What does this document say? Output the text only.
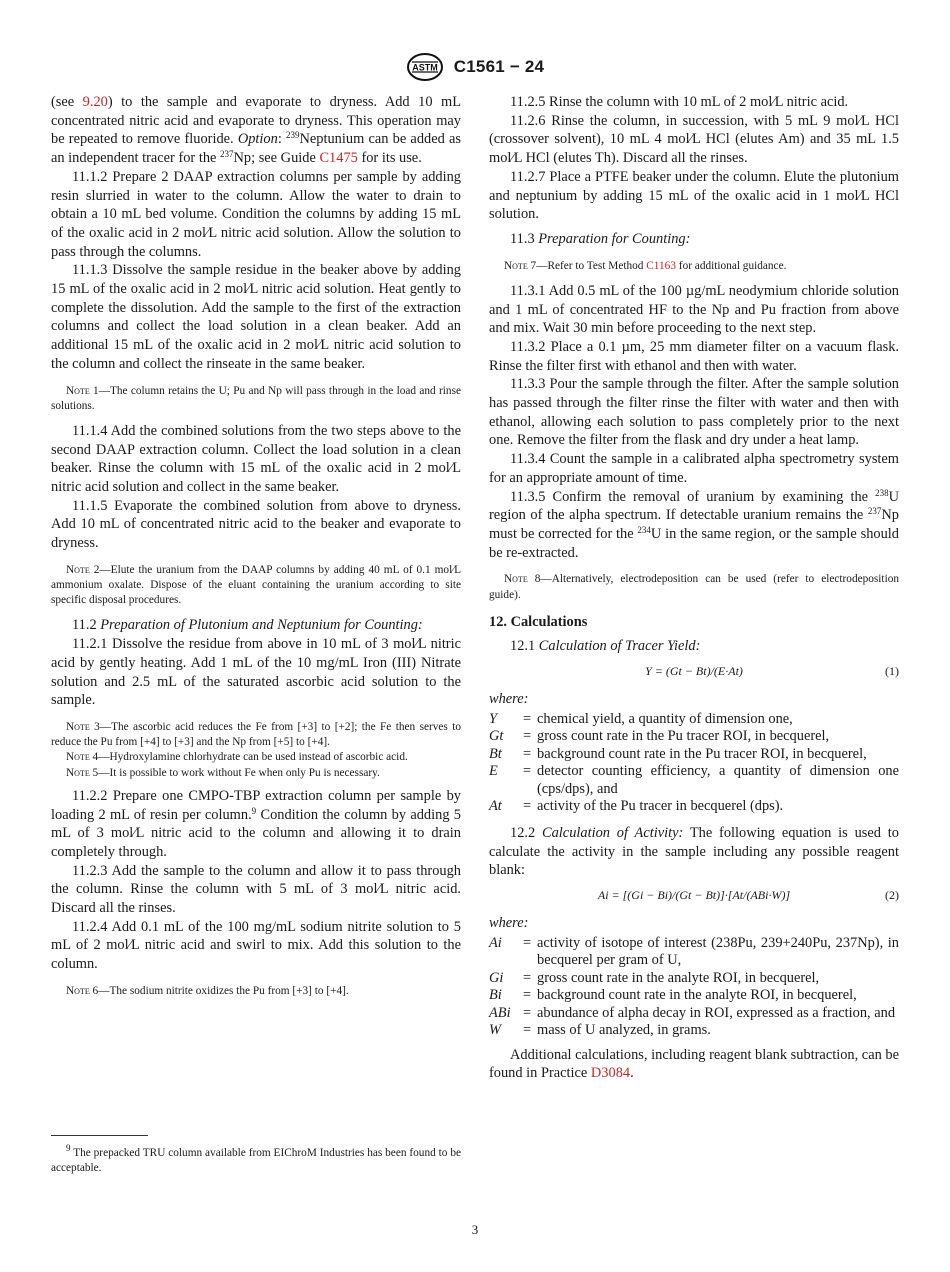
ASTM C1561 − 24

(see 9.20) to the sample and evaporate to dryness. Add 10 mL concentrated nitric acid and evaporate to dryness. This operation may be repeated to remove fluoride. Option: $^{239}$Neptunium can be added as an independent tracer for the $^{237}$Np; see Guide C1475 for its use.

11.1.2 Prepare 2 DAAP extraction columns per sample by adding resin slurried in water to the column. Allow the water to drain to obtain a 10 mL bed volume. Condition the columns by adding 15 mL of the oxalic acid in 2 mol⁄L nitric acid solution. Allow the solution to pass through the columns.

11.1.3 Dissolve the sample residue in the beaker above by adding 15 mL of the oxalic acid in 2 mol⁄L nitric acid solution. Heat gently to complete the dissolution. Add the sample to the first of the extraction columns and collect the load solution in a clean beaker. Add an additional 15 mL of the oxalic acid in 2 mol⁄L nitric acid solution to the column and collect the rinseate in the same beaker.

Note 1—The column retains the U; Pu and Np will pass through in the load and rinse solutions.

11.1.4 Add the combined solutions from the two steps above to the second DAAP extraction column. Collect the load solution in a clean beaker. Rinse the column with 15 mL of the oxalic acid in 2 mol⁄L nitric acid solution and collect in the same beaker.

11.1.5 Evaporate the combined solution from above to dryness. Add 10 mL of concentrated nitric acid to the beaker and evaporate to dryness.

Note 2—Elute the uranium from the DAAP columns by adding 40 mL of 0.1 mol⁄L ammonium oxalate. Dispose of the eluant containing the uranium according to site specific disposal procedures.

11.2 Preparation of Plutonium and Neptunium for Counting:

11.2.1 Dissolve the residue from above in 10 mL of 3 mol⁄L nitric acid by gently heating. Add 1 mL of the 10 mg/mL Iron (III) Nitrate solution and 2.5 mL of the saturated ascorbic acid solution to the sample.

Note 3—The ascorbic acid reduces the Fe from [+3] to [+2]; the Fe then serves to reduce the Pu from [+4] to [+3] and the Np from [+5] to [+4].

Note 4—Hydroxylamine chlorhydrate can be used instead of ascorbic acid.

Note 5—It is possible to work without Fe when only Pu is necessary.

11.2.2 Prepare one CMPO-TBP extraction column per sample by loading 2 mL of resin per column.$^9$ Condition the column by adding 5 mL of 3 mol⁄L nitric acid to the column and allowing it to drain completely through.

11.2.3 Add the sample to the column and allow it to pass through the column. Rinse the column with 5 mL of 3 mol⁄L nitric acid. Discard all the rinses.

11.2.4 Add 0.1 mL of the 100 mg/mL sodium nitrite solution to 5 mL of 2 mol⁄L nitric acid and swirl to mix. Add this solution to the column.

Note 6—The sodium nitrite oxidizes the Pu from [+3] to [+4].

$^9$ The prepacked TRU column available from EIChroM Industries has been found to be acceptable.

11.2.5 Rinse the column with 10 mL of 2 mol⁄L nitric acid.

11.2.6 Rinse the column, in succession, with 5 mL 9 mol⁄L HCl (crossover solvent), 10 mL 4 mol⁄L HCl (elutes Am) and 35 mL 1.5 mol⁄L HCl (elutes Th). Discard all the rinses.

11.2.7 Place a PTFE beaker under the column. Elute the plutonium and neptunium by adding 15 mL of the oxalic acid in 1 mol⁄L HCl solution.

11.3 Preparation for Counting:

Note 7—Refer to Test Method C1163 for additional guidance.

11.3.1 Add 0.5 mL of the 100 µg/mL neodymium chloride solution and 1 mL of concentrated HF to the Np and Pu fraction from above and mix. Wait 30 min before proceeding to the next step.

11.3.2 Place a 0.1 µm, 25 mm diameter filter on a vacuum flask. Rinse the filter first with ethanol and then with water.

11.3.3 Pour the sample through the filter. After the sample solution has passed through the filter rinse the filter with water and then with ethanol, allowing each solution to pass completely prior to the next one. Remove the filter from the flask and dry under a heat lamp.

11.3.4 Count the sample in a calibrated alpha spectrometry system for an appropriate amount of time.

11.3.5 Confirm the removal of uranium by examining the $^{238}$U region of the alpha spectrum. If detectable uranium remains the $^{237}$Np must be corrected for the $^{234}$U in the same region, or the sample should be re-extracted.

Note 8—Alternatively, electrodeposition can be used (refer to electrodeposition guide).

12. Calculations

12.1 Calculation of Tracer Yield:

Y = (Gt − Bt)/(E·At)	(1)
where:
Y	= chemical yield, a quantity of dimension one,
Gt	= gross count rate in the Pu tracer ROI, in becquerel,
Bt	= background count rate in the Pu tracer ROI, in becquerel,
E	= detector counting efficiency, a quantity of dimension one (cps/dps), and
At	= activity of the Pu tracer in becquerel (dps).

12.2 Calculation of Activity: The following equation is used to calculate the activity in the sample including any possible reagent blank:

Ai = [(Gi − Bi)/(Gt − Bt)]·[At/(ABi·W)]	(2)
where:
Ai	= activity of isotope of interest (238Pu, 239+240Pu, 237Np), in becquerel per gram of U,
Gi	= gross count rate in the analyte ROI, in becquerel,
Bi	= background count rate in the analyte ROI, in becquerel,
ABi = abundance of alpha decay in ROI, expressed as a fraction, and
W	= mass of U analyzed, in grams.

Additional calculations, including reagent blank subtraction, can be found in Practice D3084.

3
